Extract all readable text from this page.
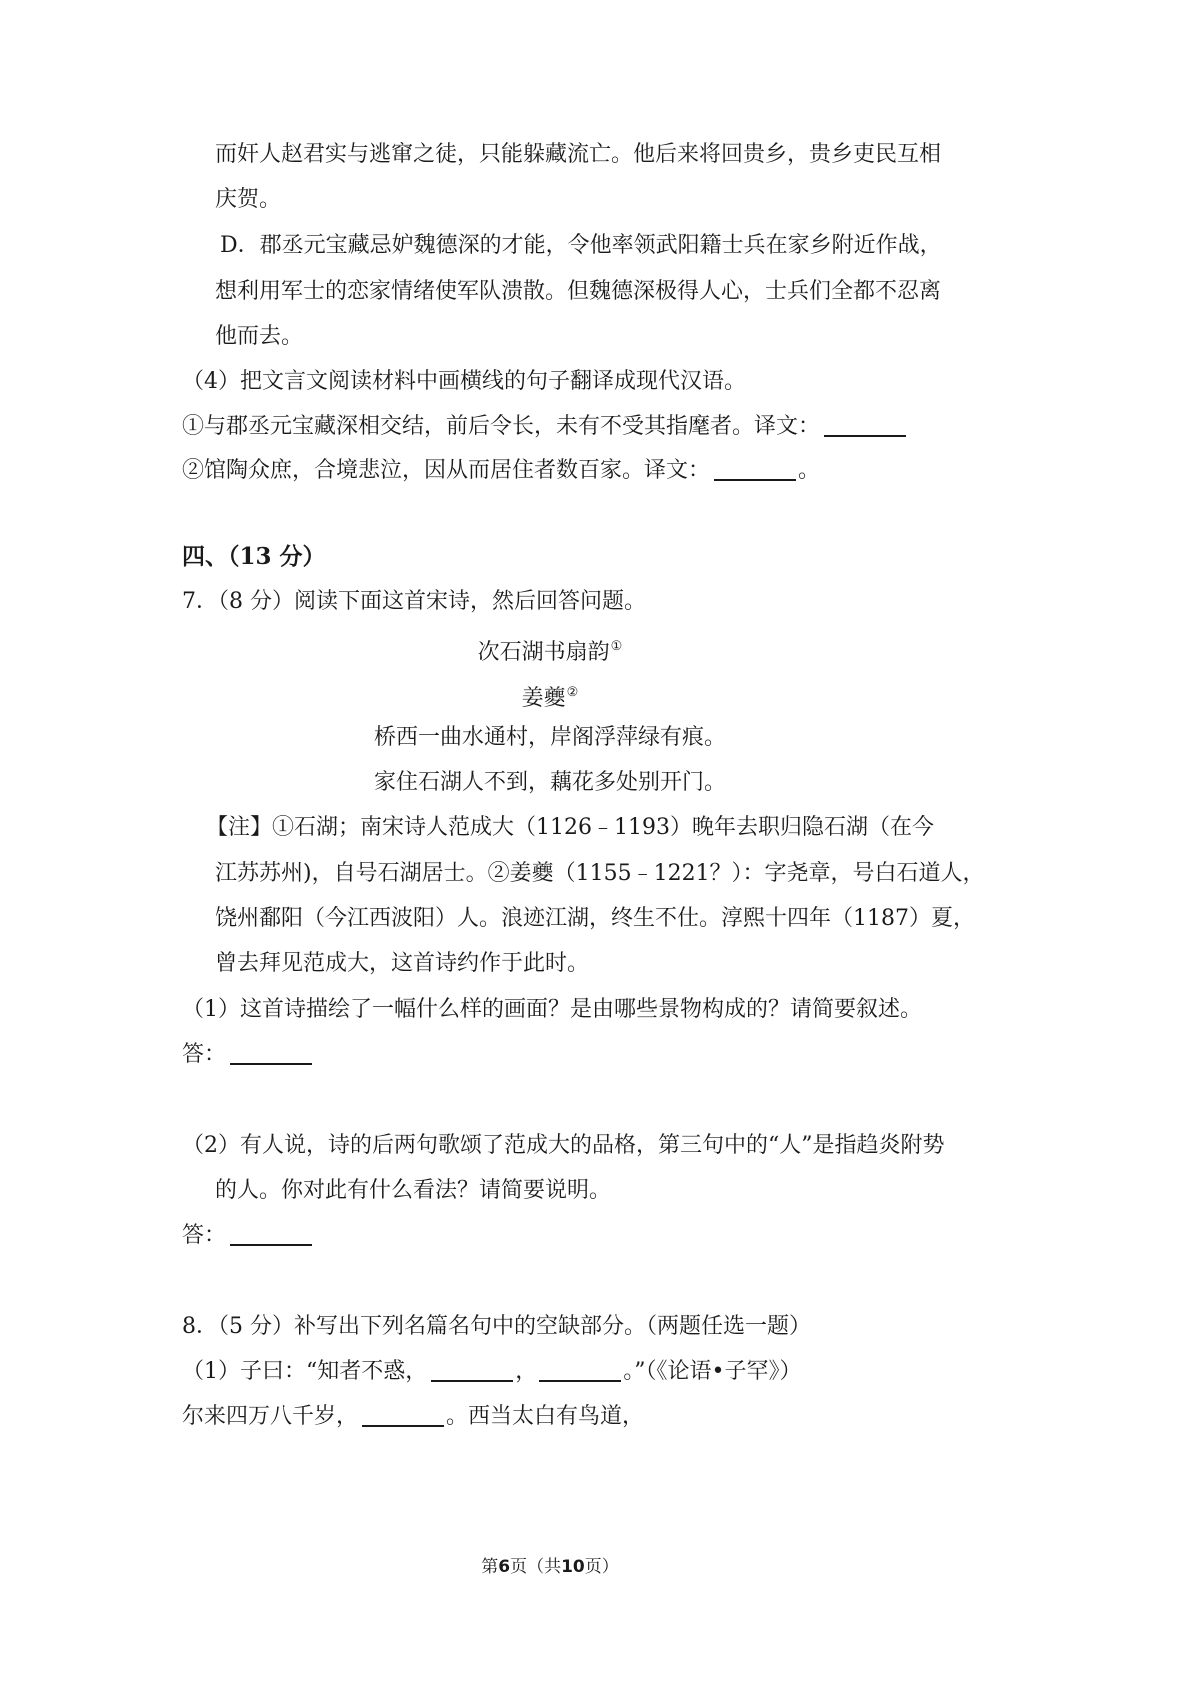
而奸人赵君实与逃窜之徒，只能躲藏流亡。他后来将回贵乡，贵乡吏民互相
庆贺。
D．郡丞元宝藏忌妒魏德深的才能，令他率领武阳籍士兵在家乡附近作战，
想利用军士的恋家情绪使军队溃散。但魏德深极得人心，士兵们全都不忍离
他而去。
（4）把文言文阅读材料中画横线的句子翻译成现代汉语。
①与郡丞元宝藏深相交结，前后令长，未有不受其指麾者。译文：
②馆陶众庶，合境悲泣，因从而居住者数百家。译文：	。
四、（13 分）
7．（8 分）阅读下面这首宋诗，然后回答问题。
次石湖书扇韵①
姜夔②
桥西一曲水通村，岸阁浮萍绿有痕。
家住石湖人不到，藕花多处别开门。
【注】①石湖；南宋诗人范成大（1126﹣1193）晚年去职归隐石湖（在今
江苏苏州)，自号石湖居士。②姜夔（1155﹣1221？）：字尧章，号白石道人，
饶州鄱阳（今江西波阳）人。浪迹江湖，终生不仕。淳熙十四年（1187）夏，
曾去拜见范成大，这首诗约作于此时。
（1）这首诗描绘了一幅什么样的画面？是由哪些景物构成的？请简要叙述。
答：
（2）有人说，诗的后两句歌颂了范成大的品格，第三句中的“人”是指趋炎附势
的人。你对此有什么看法？请简要说明。
答：
8．（5 分）补写出下列名篇名句中的空缺部分。（两题任选一题）
（1）子曰：“知者不惑，	，	。”（《论语•子罕》）
尔来四万八千岁，	。西当太白有鸟道，
第6页（共10页）
